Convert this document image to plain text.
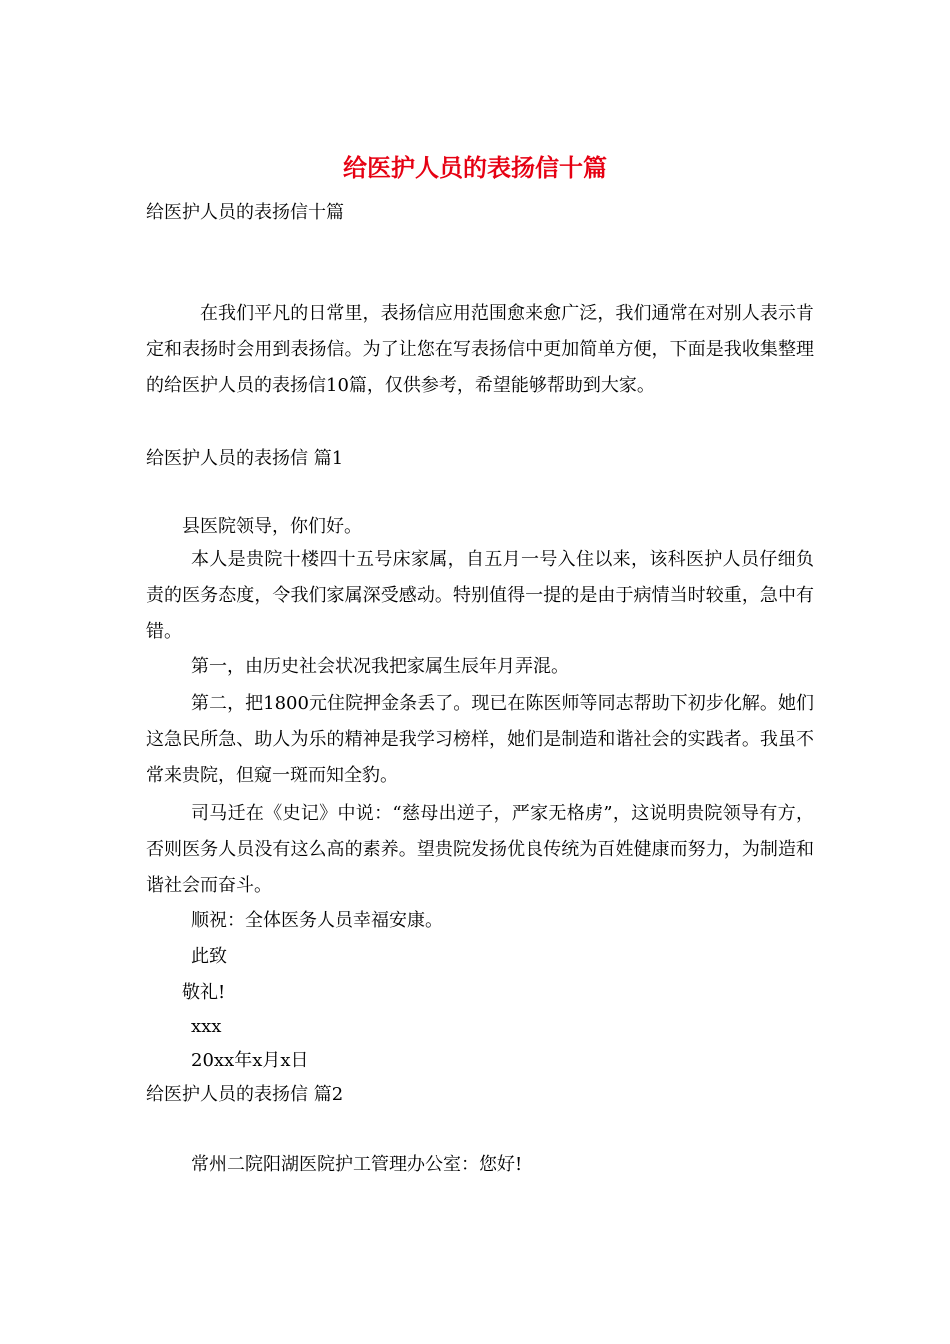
给医护人员的表扬信十篇

给医护人员的表扬信十篇

在我们平凡的日常里，表扬信应用范围愈来愈广泛，我们通常在对别人表示肯定和表扬时会用到表扬信。为了让您在写表扬信中更加简单方便，下面是我收集整理的给医护人员的表扬信10篇，仅供参考，希望能够帮助到大家。

给医护人员的表扬信 篇1

县医院领导，你们好。

本人是贵院十楼四十五号床家属，自五月一号入住以来，该科医护人员仔细负责的医务态度，令我们家属深受感动。特别值得一提的是由于病情当时较重，急中有错。

第一，由历史社会状况我把家属生辰年月弄混。

第二，把1800元住院押金条丢了。现已在陈医师等同志帮助下初步化解。她们这急民所急、助人为乐的精神是我学习榜样，她们是制造和谐社会的实践者。我虽不常来贵院，但窥一斑而知全豹。

司马迁在《史记》中说：“慈母出逆子，严家无格虏”，这说明贵院领导有方，否则医务人员没有这么高的素养。望贵院发扬优良传统为百姓健康而努力，为制造和谐社会而奋斗。

顺祝：全体医务人员幸福安康。

此致

敬礼!

xxx

20xx年x月x日

给医护人员的表扬信 篇2

常州二院阳湖医院护工管理办公室：您好!
